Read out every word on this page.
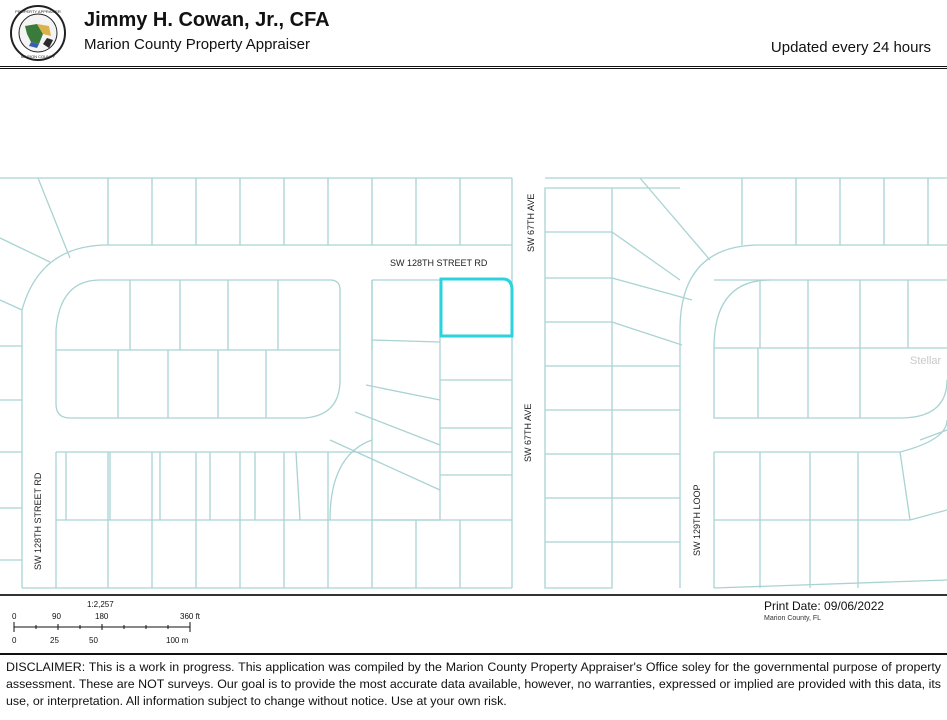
PROPERTY APPRAISER
MARION COUNTY
Jimmy H. Cowan, Jr., CFA
Marion County Property Appraiser	Updated every 24 hours
SW 128TH STREET RD
SW 67TH AVE
SW 67TH AVE
SW 128TH STREET RD	SW 129TH LOOP
Stellar
1:2,257
0	90	180	360 ft
0	25	50	100 m
Print Date: 09/06/2022
Marion County, FL
DISCLAIMER: This is a work in progress. This application was compiled by the Marion County Property Appraiser's Office soley for the governmental purpose of property assessment. These are NOT surveys. Our goal is to provide the most accurate data available, however, no warranties, expressed or implied are provided with this data, its use, or interpretation. All information subject to change without notice. Use at your own risk.
